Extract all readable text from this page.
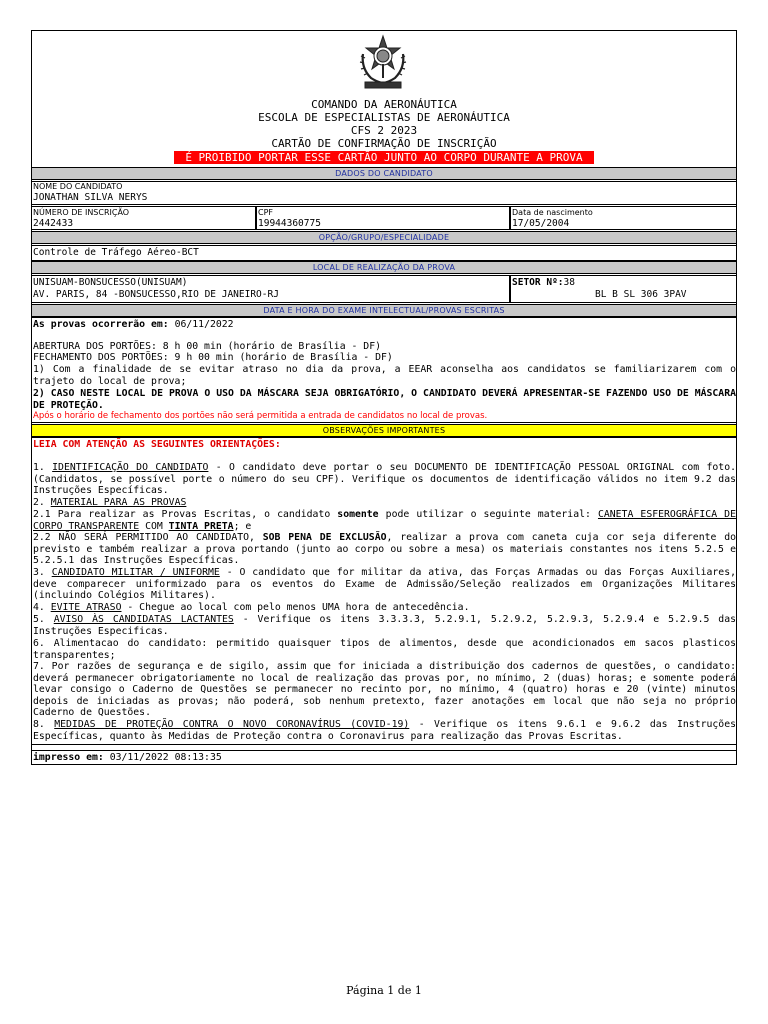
COMANDO DA AERONÁUTICA
ESCOLA DE ESPECIALISTAS DE AERONÁUTICA
CFS 2 2023
CARTÃO DE CONFIRMAÇÃO DE INSCRIÇÃO
É PROIBIDO PORTAR ESSE CARTÃO JUNTO AO CORPO DURANTE A PROVA
DADOS DO CANDIDATO
NOME DO CANDIDATO
JONATHAN SILVA NERYS
NÚMERO DE INSCRIÇÃO
2442433
CPF
19944360775
Data de nascimento
17/05/2004
OPÇÃO/GRUPO/ESPECIALIDADE
Controle de Tráfego Aéreo-BCT
LOCAL DE REALIZAÇÃO DA PROVA
UNISUAM-BONSUCESSO(UNISUAM)
AV. PARIS, 84 -BONSUCESSO,RIO DE JANEIRO-RJ
SETOR Nº:38
BL B SL 306 3PAV
DATA E HORA DO EXAME INTELECTUAL/PROVAS ESCRITAS
As provas ocorrerão em: 06/11/2022
ABERTURA DOS PORTÕES: 8 h 00 min (horário de Brasília - DF)
FECHAMENTO DOS PORTÕES: 9 h 00 min (horário de Brasília - DF)
1) Com a finalidade de se evitar atraso no dia da prova, a EEAR aconselha aos candidatos se familiarizarem com o trajeto do local de prova;
2) CASO NESTE LOCAL DE PROVA O USO DA MÁSCARA SEJA OBRIGATÓRIO, O CANDIDATO DEVERÁ APRESENTAR-SE FAZENDO USO DE MÁSCARA DE PROTEÇÃO.
Após o horário de fechamento dos portões não será permitida a entrada de candidatos no local de provas.
OBSERVAÇÕES IMPORTANTES
LEIA COM ATENÇÃO AS SEGUINTES ORIENTAÇÕES:
1. IDENTIFICAÇÃO DO CANDIDATO - O candidato deve portar o seu DOCUMENTO DE IDENTIFICAÇÃO PESSOAL ORIGINAL com foto. (Candidatos, se possível porte o número do seu CPF). Verifique os documentos de identificação válidos no item 9.2 das Instruções Específicas.
2. MATERIAL PARA AS PROVAS
2.1 Para realizar as Provas Escritas, o candidato somente pode utilizar o seguinte material: CANETA ESFEROGRÁFICA DE CORPO TRANSPARENTE COM TINTA PRETA; e
2.2 NÃO SERÁ PERMITIDO AO CANDIDATO, SOB PENA DE EXCLUSÃO, realizar a prova com caneta cuja cor seja diferente do previsto e também realizar a prova portando (junto ao corpo ou sobre a mesa) os materiais constantes nos itens 5.2.5 e 5.2.5.1 das Instruções Específicas.
3. CANDIDATO MILITAR / UNIFORME - O candidato que for militar da ativa, das Forças Armadas ou das Forças Auxiliares, deve comparecer uniformizado para os eventos do Exame de Admissão/Seleção realizados em Organizações Militares (incluindo Colégios Militares).
4. EVITE ATRASO - Chegue ao local com pelo menos UMA hora de antecedência.
5. AVISO ÀS CANDIDATAS LACTANTES - Verifique os itens 3.3.3.3, 5.2.9.1, 5.2.9.2, 5.2.9.3, 5.2.9.4 e 5.2.9.5 das Instruções Especificas.
6. Alimentacao do candidato: permitido quaisquer tipos de alimentos, desde que acondicionados em sacos plasticos transparentes;
7. Por razões de segurança e de sigilo, assim que for iniciada a distribuição dos cadernos de questões, o candidato: deverá permanecer obrigatoriamente no local de realização das provas por, no mínimo, 2 (duas) horas; e somente poderá levar consigo o Caderno de Questões se permanecer no recinto por, no mínimo, 4 (quatro) horas e 20 (vinte) minutos depois de iniciadas as provas; não poderá, sob nenhum pretexto, fazer anotações em local que não seja no próprio Caderno de Questões.
8. MEDIDAS DE PROTEÇÃO CONTRA O NOVO CORONAVÍRUS (COVID-19) - Verifique os itens 9.6.1 e 9.6.2 das Instruções Específicas, quanto às Medidas de Proteção contra o Coronavirus para realização das Provas Escritas.
impresso em: 03/11/2022 08:13:35
Página 1 de 1
